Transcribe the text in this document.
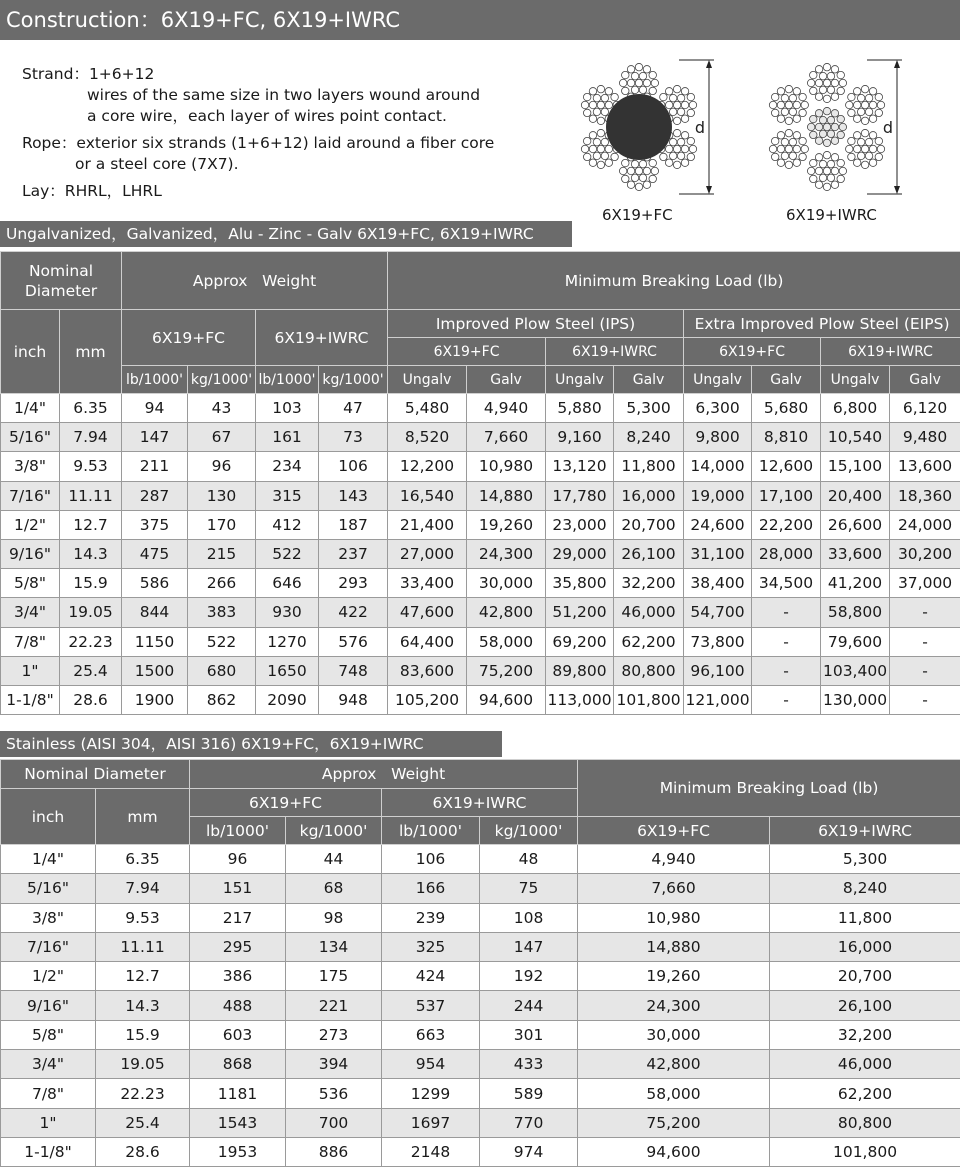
Construction：6X19+FC, 6X19+IWRC
Strand：1+6+12
wires of the same size in two layers wound around
a core wire，each layer of wires point contact.
Rope：exterior six strands (1+6+12) laid around a fiber core
or a steel core (7X7).
Lay：RHRL，LHRL
d	d
6X19+FC	6X19+IWRC
Ungalvanized，Galvanized，Alu - Zinc - Galv 6X19+FC, 6X19+IWRC
Nominal Diameter		Approx   Weight				Minimum Breaking Load (lb)							

inch	mm	6X19+FC		6X19+IWRC		Improved Plow Steel (IPS)				Extra Improved Plow Steel (EIPS)			
						6X19+FC		6X19+IWRC		6X19+FC		6X19+IWRC	
		lb/1000'	kg/1000'	lb/1000'	kg/1000'	Ungalv	Galv	Ungalv	Galv	Ungalv	Galv	Ungalv	Galv
1/4"	6.35	94	43	103	47	5,480	4,940	5,880	5,300	6,300	5,680	6,800	6,120
5/16"	7.94	147	67	161	73	8,520	7,660	9,160	8,240	9,800	8,810	10,540	9,480
3/8"	9.53	211	96	234	106	12,200	10,980	13,120	11,800	14,000	12,600	15,100	13,600
7/16"	11.11	287	130	315	143	16,540	14,880	17,780	16,000	19,000	17,100	20,400	18,360
1/2"	12.7	375	170	412	187	21,400	19,260	23,000	20,700	24,600	22,200	26,600	24,000
9/16"	14.3	475	215	522	237	27,000	24,300	29,000	26,100	31,100	28,000	33,600	30,200
5/8"	15.9	586	266	646	293	33,400	30,000	35,800	32,200	38,400	34,500	41,200	37,000
3/4"	19.05	844	383	930	422	47,600	42,800	51,200	46,000	54,700	-	58,800	-
7/8"	22.23	1150	522	1270	576	64,400	58,000	69,200	62,200	73,800	-	79,600	-
1"	25.4	1500	680	1650	748	83,600	75,200	89,800	80,800	96,100	-	103,400	-
1-1/8"	28.6	1900	862	2090	948	105,200	94,600	113,000	101,800	121,000	-	130,000	-
Stainless (AISI 304，AISI 316) 6X19+FC，6X19+IWRC
Nominal Diameter		Approx   Weight				Minimum Breaking Load (lb)	
inch	mm	6X19+FC		6X19+IWRC			
		lb/1000'	kg/1000'	lb/1000'	kg/1000'	6X19+FC	6X19+IWRC
1/4"	6.35	96	44	106	48	4,940	5,300
5/16"	7.94	151	68	166	75	7,660	8,240
3/8"	9.53	217	98	239	108	10,980	11,800
7/16"	11.11	295	134	325	147	14,880	16,000
1/2"	12.7	386	175	424	192	19,260	20,700
9/16"	14.3	488	221	537	244	24,300	26,100
5/8"	15.9	603	273	663	301	30,000	32,200
3/4"	19.05	868	394	954	433	42,800	46,000
7/8"	22.23	1181	536	1299	589	58,000	62,200
1"	25.4	1543	700	1697	770	75,200	80,800
1-1/8"	28.6	1953	886	2148	974	94,600	101,800
